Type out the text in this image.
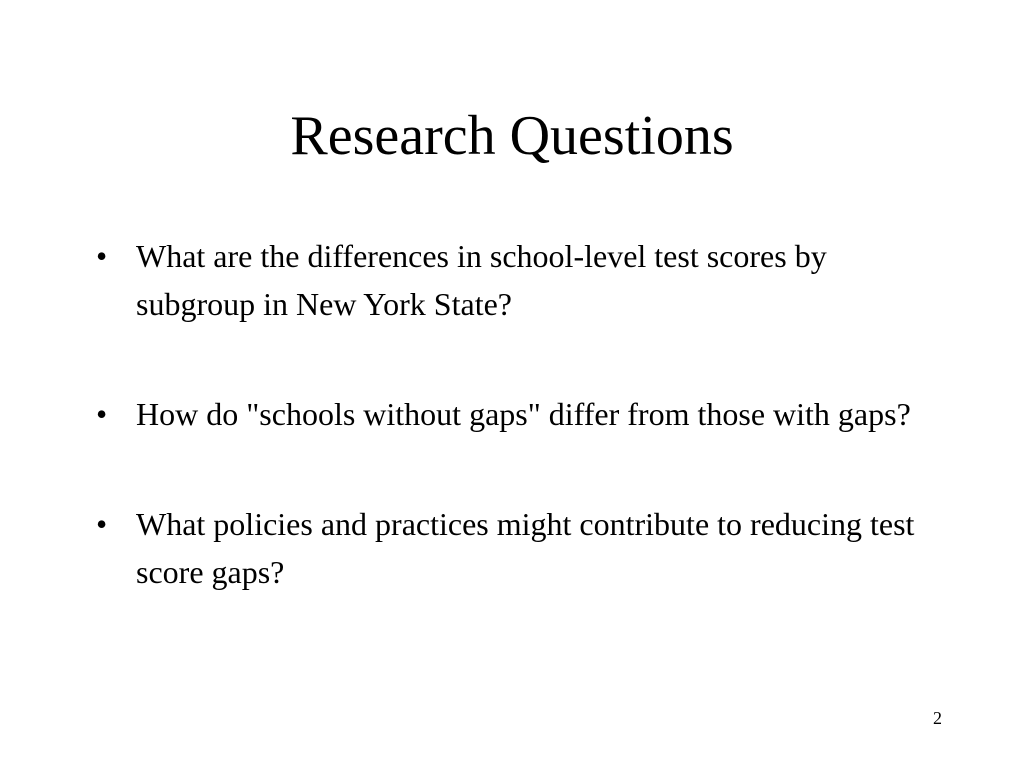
Research Questions
• What are the differences in school-level test scores by subgroup in New York State?
• How do "schools without gaps" differ from those with gaps?
• What policies and practices might contribute to reducing test score gaps?
2
